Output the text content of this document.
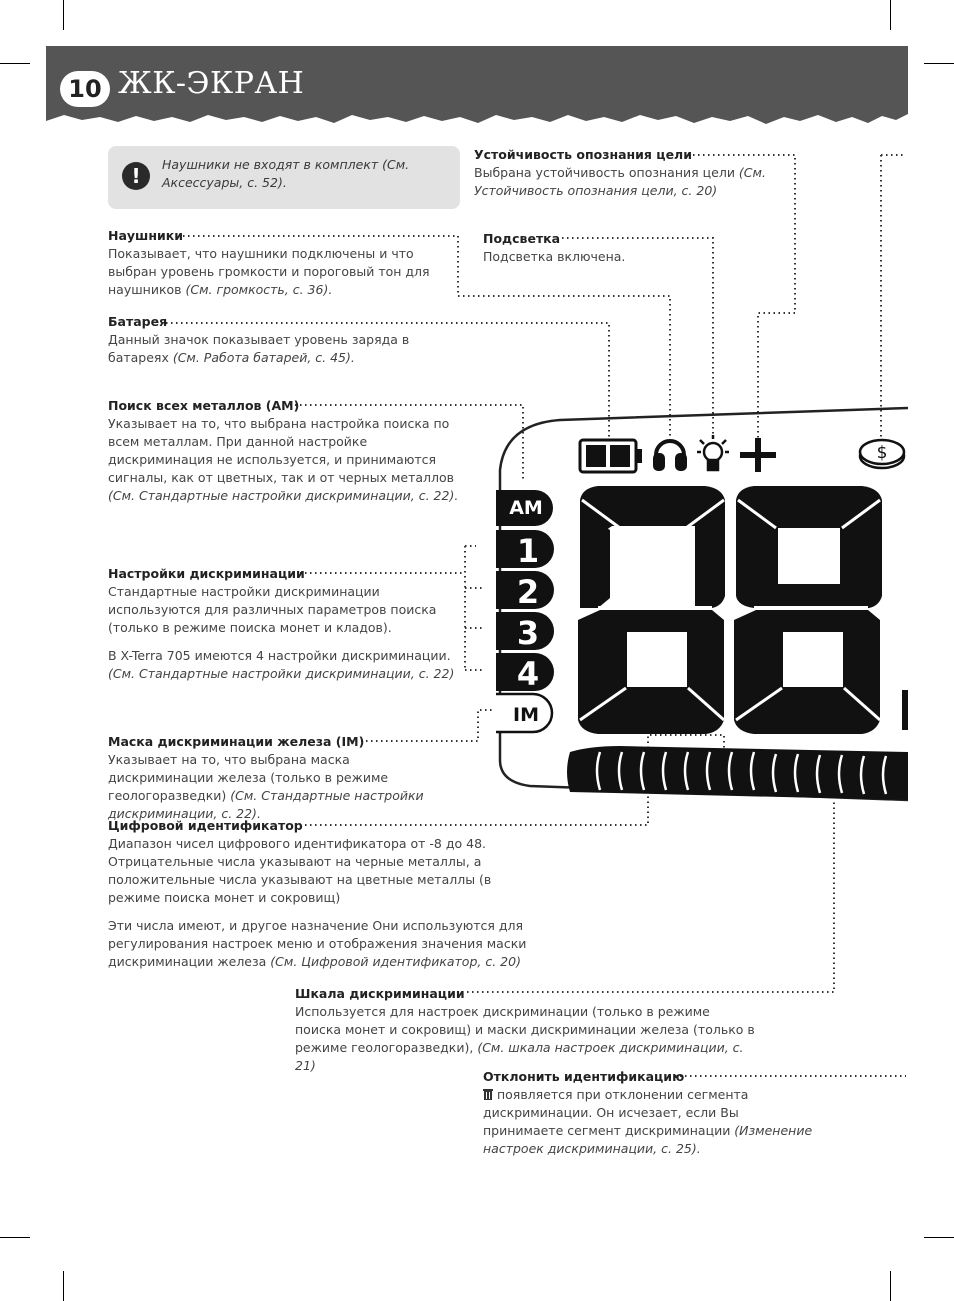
10 ЖК-ЭКРАН
!	Наушники не входят в комплект (См. Аксессуары, с. 52).
$
AM
1
2
3
4
IM
Устойчивость опознания цели

Выбрана устойчивость опознания цели (См. Устойчивость опознания цели, с. 20)

Подсветка

Подсветка включена.

Наушники

Показывает, что наушники подключены и что выбран уровень громкости и пороговый тон для наушников (См. громкость, с. 36).

Батарея

Данный значок показывает уровень заряда в батареях (См. Работа батарей, с. 45).

Поиск всех металлов (АМ)

Указывает на то, что выбрана настройка поиска по всем металлам. При данной настройке дискриминация не используется, и принимаются сигналы, как от цветных, так и от черных металлов (См. Стандартные настройки дискриминации, с. 22).

Настройки дискриминации

Стандартные настройки дискриминации используются для различных параметров поиска (только в режиме поиска монет и кладов).

В X-Terra 705 имеются 4 настройки дискриминации.

(См. Стандартные настройки дискриминации, с. 22)

Маска дискриминации железа (IM)

Указывает на то, что выбрана маска дискриминации железа (только в режиме геологоразведки) (См. Стандартные настройки дискриминации, с. 22).

Цифровой идентификатор

Диапазон чисел цифрового идентификатора от -8 до 48. Отрицательные числа указывают на черные металлы, а положительные числа указывают на цветные металлы (в режиме поиска монет и сокровищ)

Эти числа имеют, и другое назначение Они используются для регулирования настроек меню и отображения значения маски дискриминации железа (См. Цифровой идентификатор, с. 20)

Шкала дискриминации

Используется для настроек дискриминации (только в режиме поиска монет и сокровищ) и маски дискриминации железа (только в режиме геологоразведки), (См. шкала настроек дискриминации, с. 21)

Отклонить идентификацию

появляется при отклонении сегмента дискриминации. Он исчезает, если Вы принимаете сегмент дискриминации (Изменение настроек дискриминации, с. 25).
